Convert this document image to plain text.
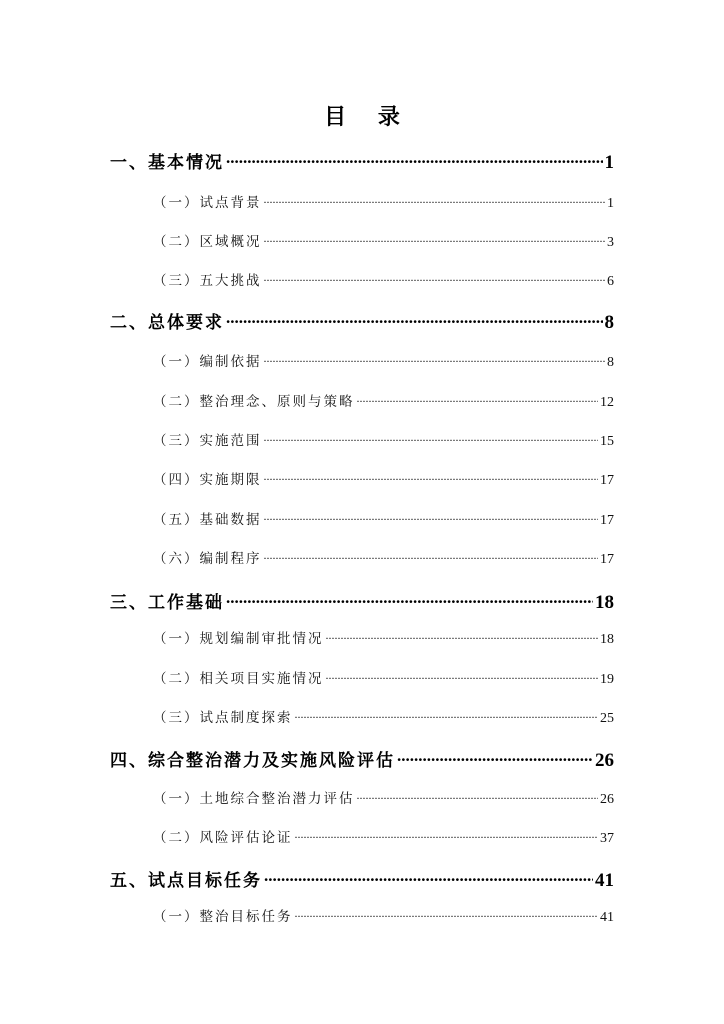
目 录
一、基本情况 .....	1
（一）试点背景 .....	1
（二）区域概况 .....	3
（三）五大挑战 .....	6
二、总体要求 .....	8
（一）编制依据 .....	8
（二）整治理念、原则与策略 .....	12
（三）实施范围 .....	15
（四）实施期限 .....	17
（五）基础数据 .....	17
（六）编制程序 .....	17
三、工作基础 .....	18
（一）规划编制审批情况 .....	18
（二）相关项目实施情况 .....	19
（三）试点制度探索 .....	25
四、综合整治潜力及实施风险评估 .....	26
（一）土地综合整治潜力评估 .....	26
（二）风险评估论证 .....	37
五、试点目标任务 .....	41
（一）整治目标任务 .....	41
